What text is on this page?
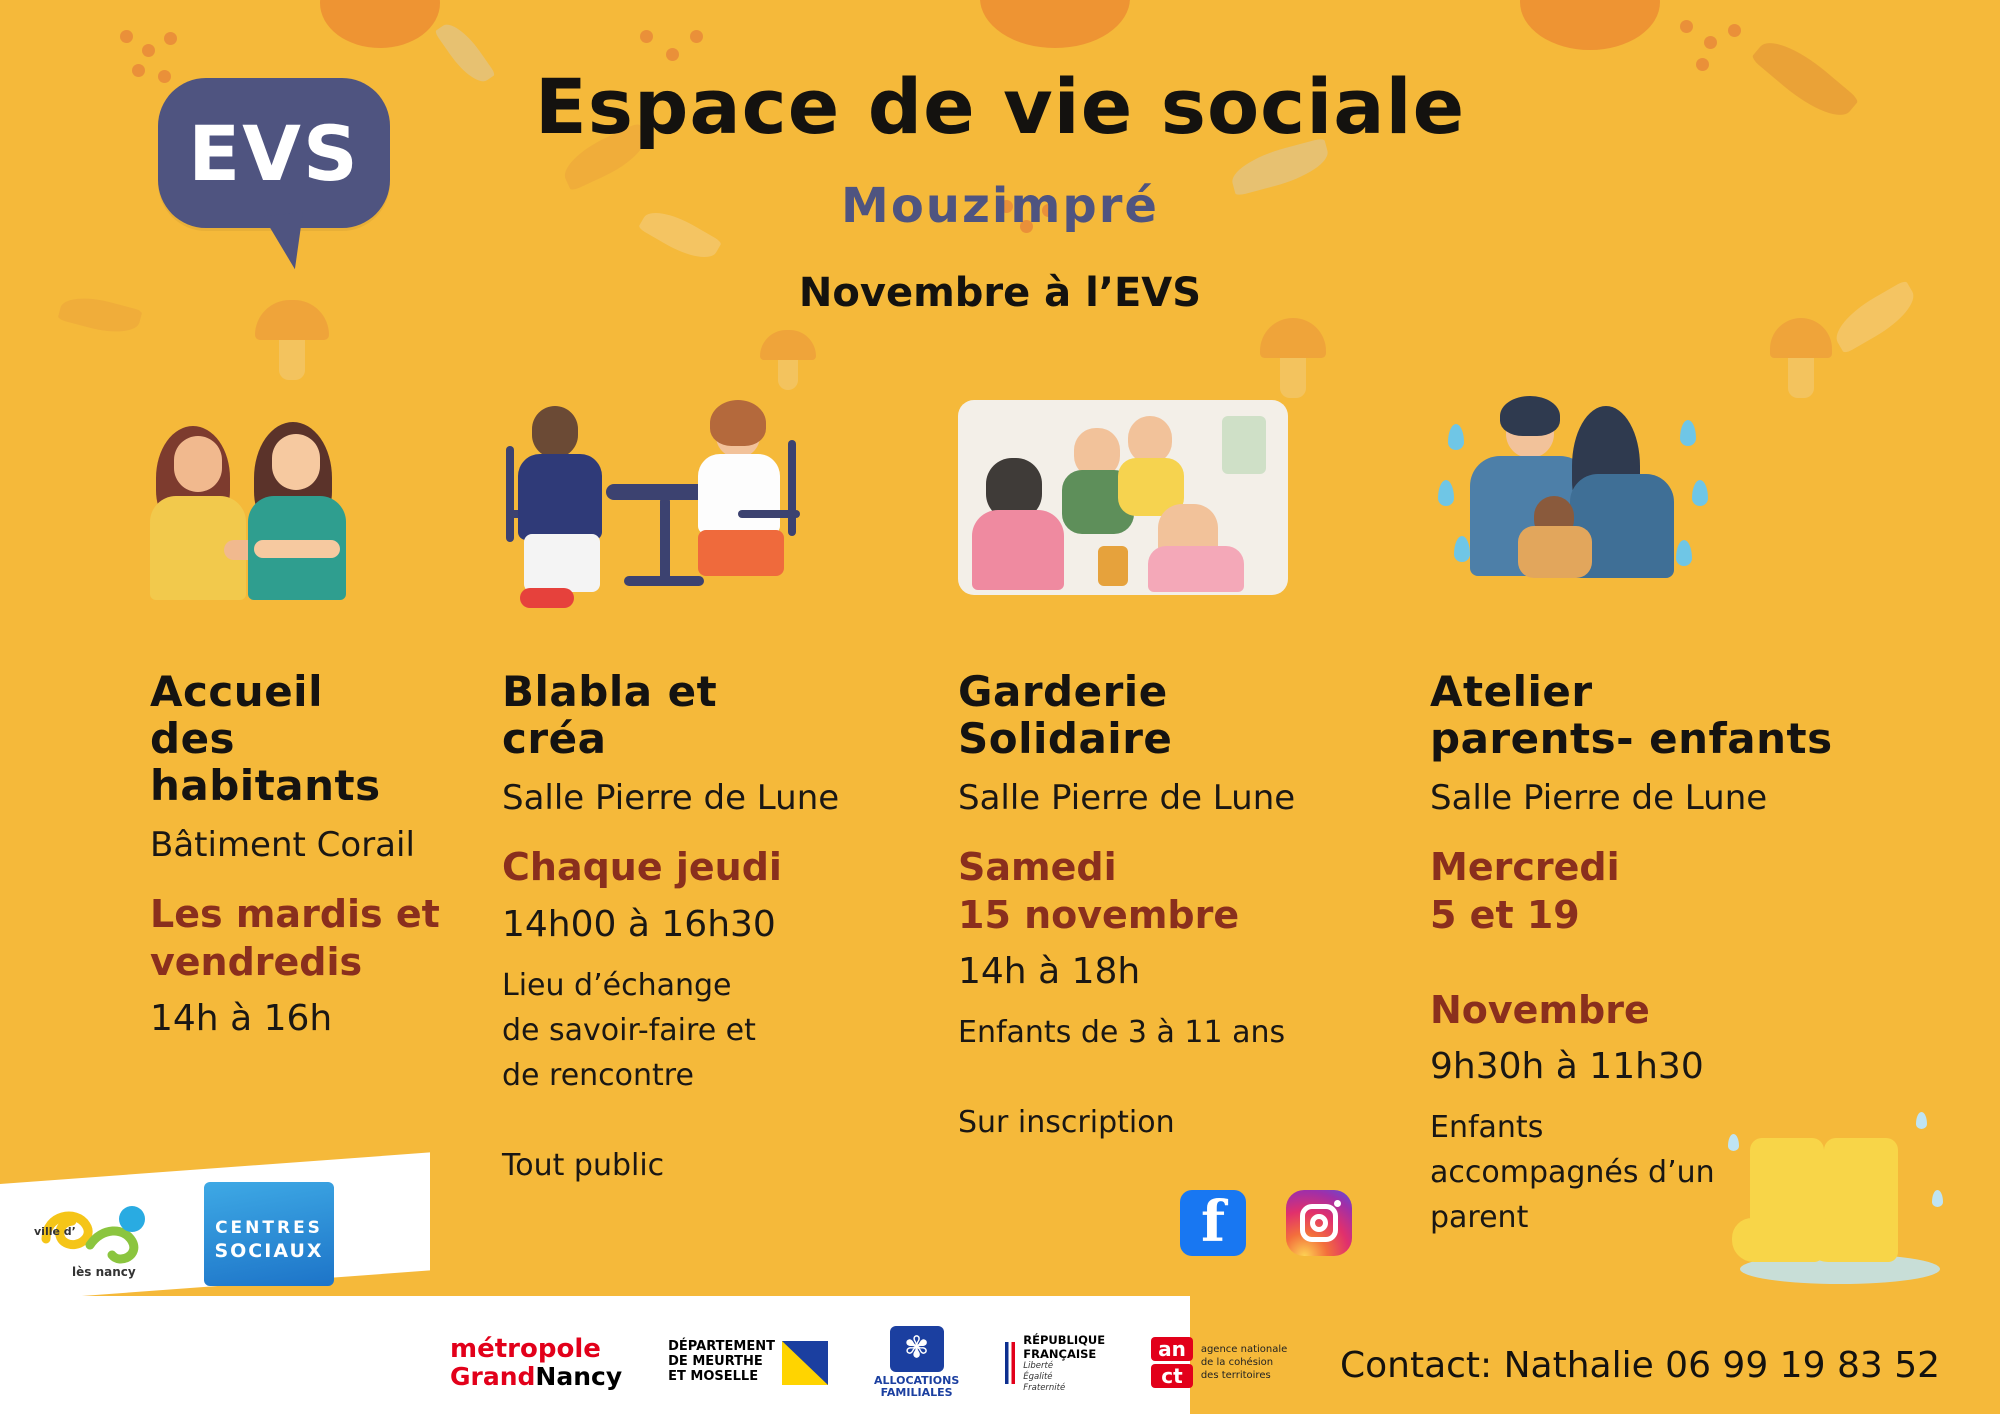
EVS
Espace de vie sociale
Mouzimpré
Novembre à l’EVS
Accueil
des habitants
Bâtiment Corail
Les mardis et
vendredis
14h à 16h
Blabla et
créa
Salle Pierre de Lune
Chaque jeudi
14h00 à 16h30
Lieu d’échange
de savoir-faire et
de rencontre

Tout public
Garderie
Solidaire
Salle Pierre de Lune
Samedi
15 novembre
14h à 18h
Enfants de 3 à 11 ans

Sur inscription
Atelier
parents- enfants
Salle Pierre de Lune
Mercredi
5 et 19

Novembre
9h30h à 11h30
Enfants
accompagnés d’un
parent
f
ville d’
lès nancy
CENTRES
SOCIAUX
métropole
GrandNancy
DÉPARTEMENT
DE MEURTHE
ET MOSELLE
✾	ALLOCATIONS
FAMILIALES
RÉPUBLIQUE
FRANÇAISE
Liberté
Égalité
Fraternité
an
ct
agence nationale
de la cohésion
des territoires	Contact: Nathalie 06 99 19 83 52
